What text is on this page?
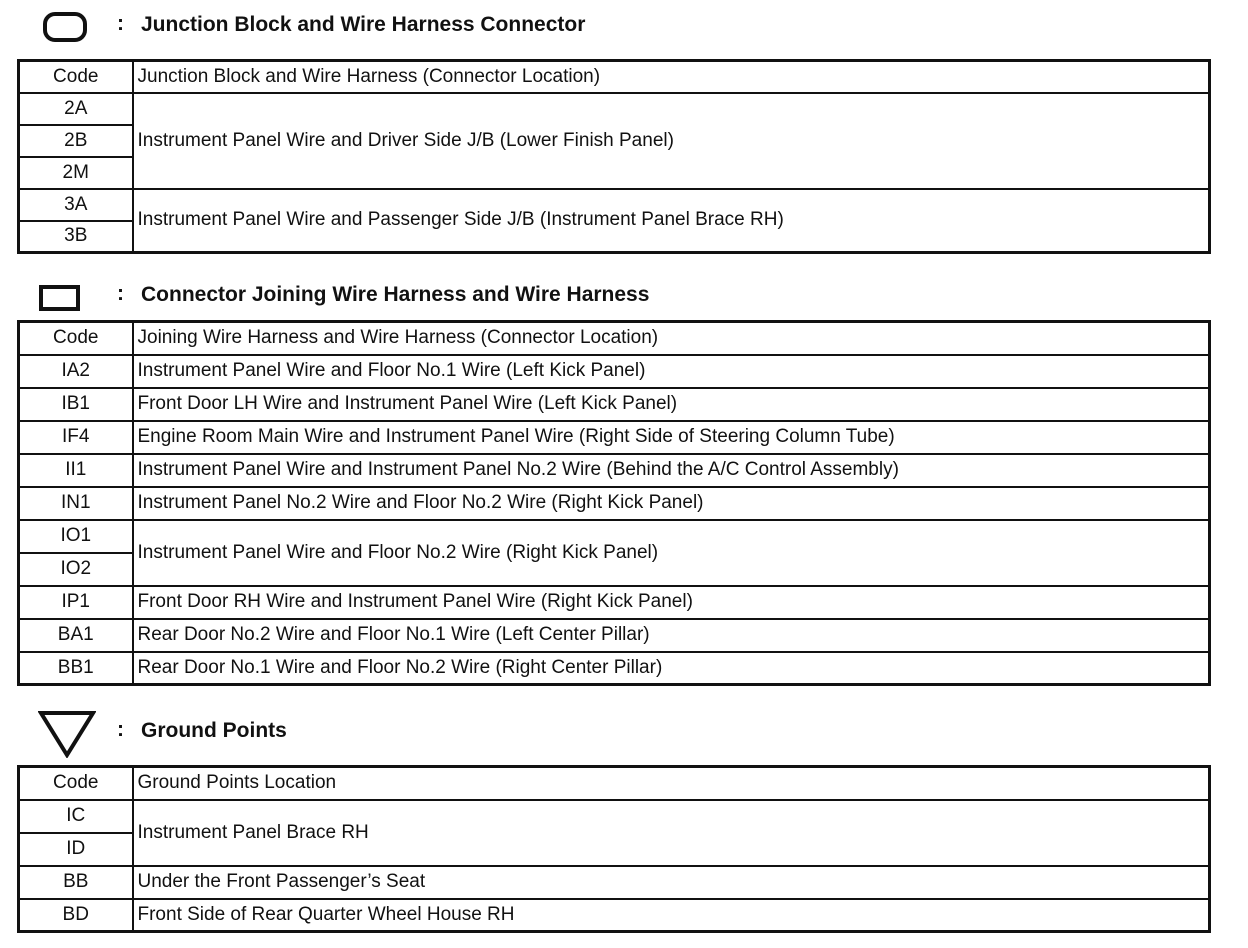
: Junction Block and Wire Harness Connector
Code	Junction Block and Wire Harness (Connector Location)
2A	Instrument Panel Wire and Driver Side J/B (Lower Finish Panel)
2B	
2M	
3A	Instrument Panel Wire and Passenger Side J/B (Instrument Panel Brace RH)
3B	
: Connector Joining Wire Harness and Wire Harness
Code	Joining Wire Harness and Wire Harness (Connector Location)
IA2	Instrument Panel Wire and Floor No.1 Wire (Left Kick Panel)
IB1	Front Door LH Wire and Instrument Panel Wire (Left Kick Panel)
IF4	Engine Room Main Wire and Instrument Panel Wire (Right Side of Steering Column Tube)
II1	Instrument Panel Wire and Instrument Panel No.2 Wire (Behind the A/C Control Assembly)
IN1	Instrument Panel No.2 Wire and Floor No.2 Wire (Right Kick Panel)
IO1	Instrument Panel Wire and Floor No.2 Wire (Right Kick Panel)
IO2	
IP1	Front Door RH Wire and Instrument Panel Wire (Right Kick Panel)
BA1	Rear Door No.2 Wire and Floor No.1 Wire (Left Center Pillar)
BB1	Rear Door No.1 Wire and Floor No.2 Wire (Right Center Pillar)
: Ground Points
Code	Ground Points Location
IC	Instrument Panel Brace RH
ID	
BB	Under the Front Passenger’s Seat
BD	Front Side of Rear Quarter Wheel House RH
